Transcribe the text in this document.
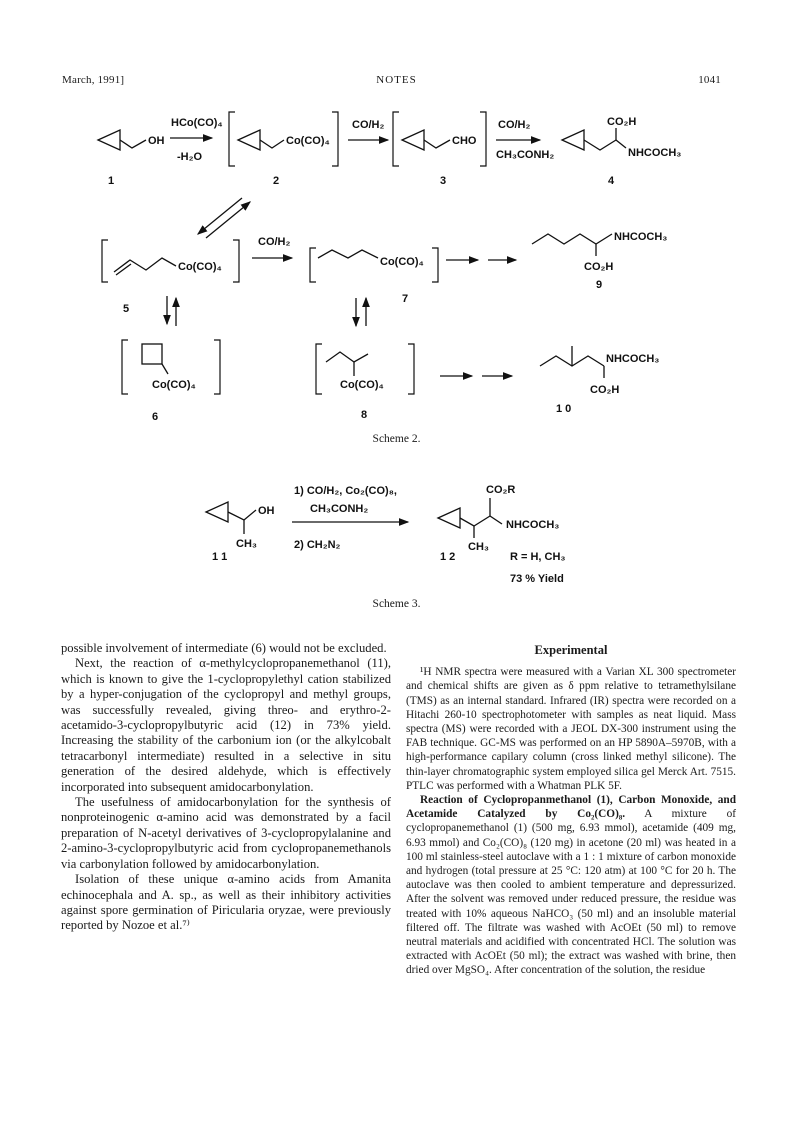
March, 1991]	NOTES	1041
OH
1
HCo(CO)₄
-H₂O
Co(CO)₄
2
CO/H₂
CHO
3
CO/H₂
CH₃CONH₂
CO₂H
NHCOCH₃
4
Co(CO)₄
5
CO/H₂
Co(CO)₄
7
NHCOCH₃
CO₂H
9
Co(CO)₄
6
Co(CO)₄
8
NHCOCH₃
CO₂H
1 0
Scheme 2.
OH
CH₃
1 1
1) CO/H₂, Co₂(CO)₈,
CH₃CONH₂
2) CH₂N₂
CO₂R
NHCOCH₃
CH₃
1 2	R = H, CH₃
73 % Yield
Scheme 3.

possible involvement of intermediate (6) would not be excluded.

Next, the reaction of α-methylcyclopropanemethanol (11), which is known to give the 1-cyclopropylethyl cation stabilized by a hyper-conjugation of the cyclopropyl and methyl groups, was successfully revealed, giving threo- and erythro-2-acetamido-3-cyclopropylbutyric acid (12) in 73% yield. Increasing the stability of the carbonium ion (or the alkylcobalt tetracarbonyl intermediate) resulted in a selective in situ generation of the desired aldehyde, which is effectively incorporated into subsequent amidocarbonylation.

The usefulness of amidocarbonylation for the synthesis of nonproteinogenic α-amino acid was demonstrated by a facil preparation of N-acetyl derivatives of 3-cyclopropylalanine and 2-amino-3-cyclopropylbutyric acid from cyclopropanemethanols via carbonylation followed by amidocarbonylation.

Isolation of these unique α-amino acids from Amanita echinocephala and A. sp., as well as their inhibitory activities against spore germination of Piricularia oryzae, were previously reported by Nozoe et al.⁷⁾

Experimental

¹H NMR spectra were measured with a Varian XL 300 spectrometer and chemical shifts are given as δ ppm relative to tetramethylsilane (TMS) as an internal standard. Infrared (IR) spectra were recorded on a Hitachi 260-10 spectrophotometer with samples as neat liquid. Mass spectra (MS) were recorded with a JEOL DX-300 instrument using the FAB technique. GC-MS was performed on an HP 5890A–5970B, with a high-performance capilary column (cross linked methyl silicone). The thin-layer chromatographic system employed silica gel Merck Art. 7515. PTLC was performed with a Whatman PLK 5F.

Reaction of Cyclopropanmethanol (1), Carbon Monoxide, and Acetamide Catalyzed by Co₂(CO)₈. A mixture of cyclopropanemethanol (1) (500 mg, 6.93 mmol), acetamide (409 mg, 6.93 mmol) and Co₂(CO)₈ (120 mg) in acetone (20 ml) was heated in a 100 ml stainless-steel autoclave with a 1 : 1 mixture of carbon monoxide and hydrogen (total pressure at 25 °C: 120 atm) at 100 °C for 20 h. The autoclave was then cooled to ambient temperature and depressurized. After the solvent was removed under reduced pressure, the residue was treated with 10% aqueous NaHCO₃ (50 ml) and an insoluble material filtered off. The filtrate was washed with AcOEt (50 ml) to remove neutral materials and acidified with concentrated HCl. The solution was extracted with AcOEt (50 ml); the extract was washed with brine, then dried over MgSO₄. After concentration of the solution, the residue
